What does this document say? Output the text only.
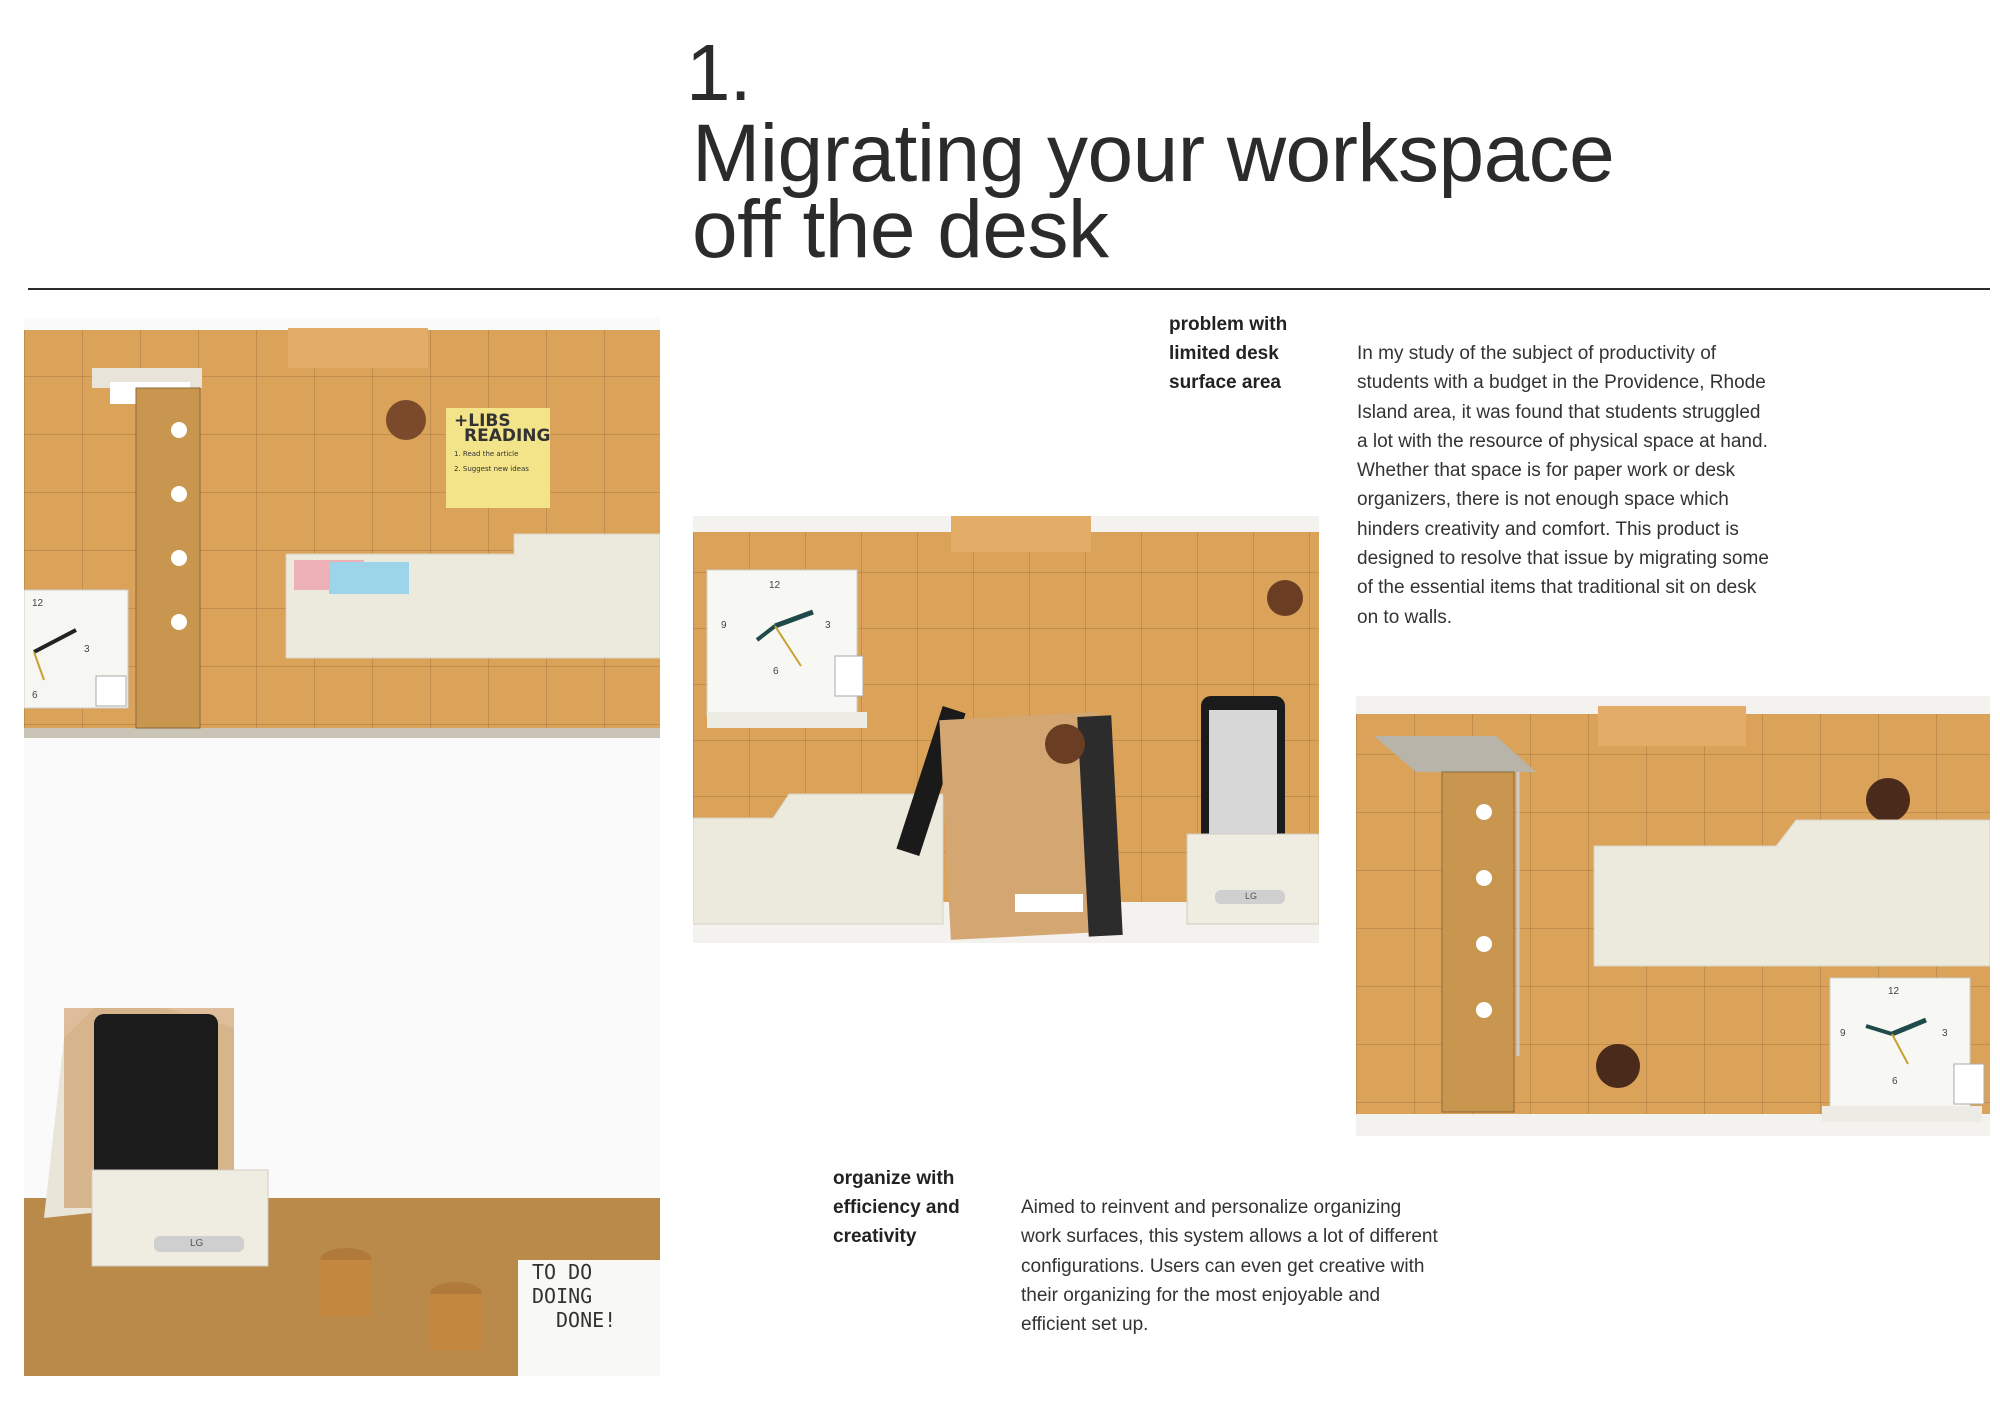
1.
Migrating your workspace
off the desk
+LIBS
READING
1. Read the article
2. Suggest new ideas
12
3
6
LG
TO DO
DOING
DONE!
12
3
6
9
LG
12
3
6
9
problem with
limited desk
surface area
In my study of the subject of productivity of students with a budget in the Providence, Rhode Island area, it was found that students struggled a lot with the resource of physical space at hand. Whether that space is for paper work or desk organizers, there is not enough space which hinders creativity and comfort. This product is designed to resolve that issue by migrating some of the essential items that traditional sit on desk on to walls.
organize with
efficiency and
creativity
Aimed to reinvent and personalize organizing work surfaces, this system allows a lot of different configurations. Users can even get creative with their organizing for the most enjoyable and efficient set up.
